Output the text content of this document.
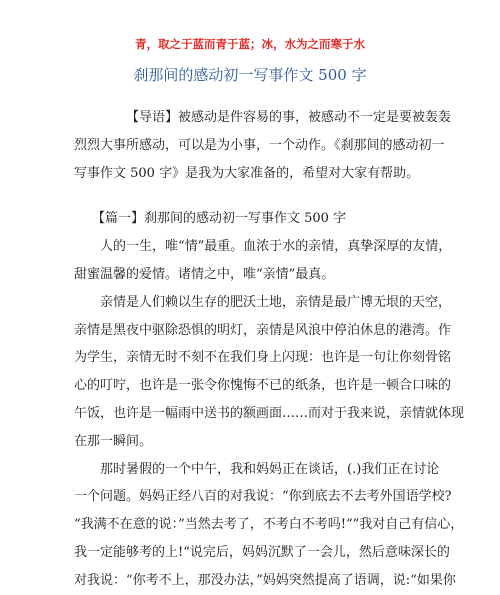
青，取之于蓝而青于蓝；冰，水为之而寒于水
刹那间的感动初一写事作文 500 字
【导语】被感动是件容易的事，被感动不一定是要被轰轰
烈烈大事所感动，可以是为小事，一个动作。《刹那间的感动初一
写事作文 500 字》是我为大家准备的，希望对大家有帮助。
【篇一】刹那间的感动初一写事作文 500 字
人的一生，唯“情”最重。血浓于水的亲情，真挚深厚的友情，
甜蜜温馨的爱情。诸情之中，唯“亲情”最真。
亲情是人们赖以生存的肥沃土地，亲情是最广博无垠的天空，
亲情是黑夜中驱除恐惧的明灯，亲情是风浪中停泊休息的港湾。作
为学生，亲情无时不刻不在我们身上闪现：也许是一句让你刻骨铭
心的叮咛，也许是一张令你愧悔不已的纸条，也许是一顿合口味的
午饭，也许是一幅雨中送书的额画面……而对于我来说，亲情就体现
在那一瞬间。
那时暑假的一个中午，我和妈妈正在谈话，(.)我们正在讨论
一个问题。妈妈正经八百的对我说：“你到底去不去考外国语学校?
“我满不在意的说：”当然去考了，不考白不考吗!“”我对自己有信心，
我一定能够考的上!“说完后，妈妈沉默了一会儿，然后意味深长的
对我说：“你考不上，那没办法，”妈妈突然提高了语调，说:“如果你
